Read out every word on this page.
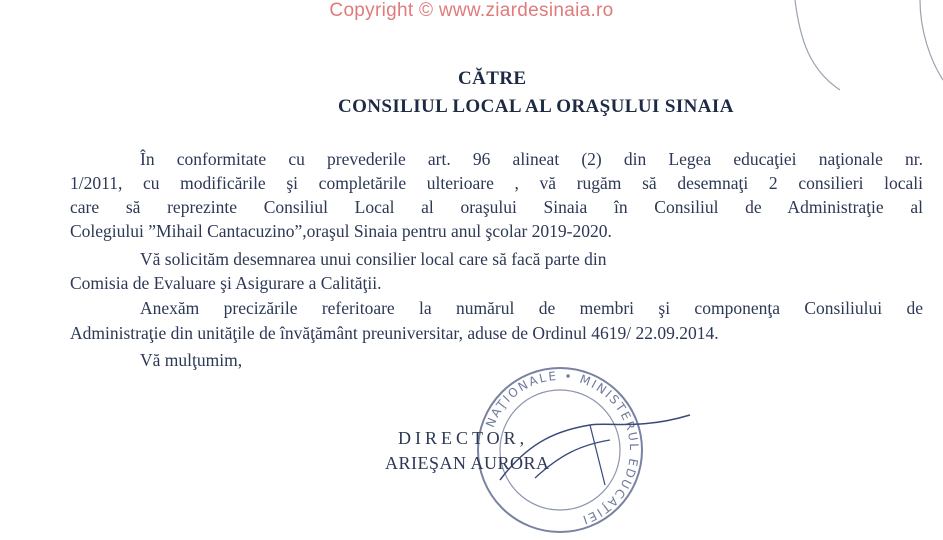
Copyright © www.ziardesinaia.ro
CĂTRE
CONSILIUL LOCAL AL ORAŞULUI SINAIA
În conformitate cu prevederile art. 96 alineat (2) din Legea educaţiei naţionale nr.
1/2011, cu modificările şi completările ulterioare , vă rugăm să desemnaţi 2 consilieri locali
care să reprezinte Consiliul Local al oraşului Sinaia în Consiliul de Administraţie al
Colegiului ”Mihail Cantacuzino”,oraşul Sinaia pentru anul şcolar 2019-2020.
Vă solicităm desemnarea unui consilier local care să facă parte din
Comisia de Evaluare şi Asigurare a Calităţii.
Anexăm precizările referitoare la numărul de membri şi componenţa Consiliului de
Administraţie din unităţile de învăţământ preuniversitar, aduse de Ordinul 4619/ 22.09.2014.
Vă mulţumim,
NAŢIONALE • MINISTERUL EDUCAŢIEI
DIRECTOR,
ARIEŞAN AURORA
